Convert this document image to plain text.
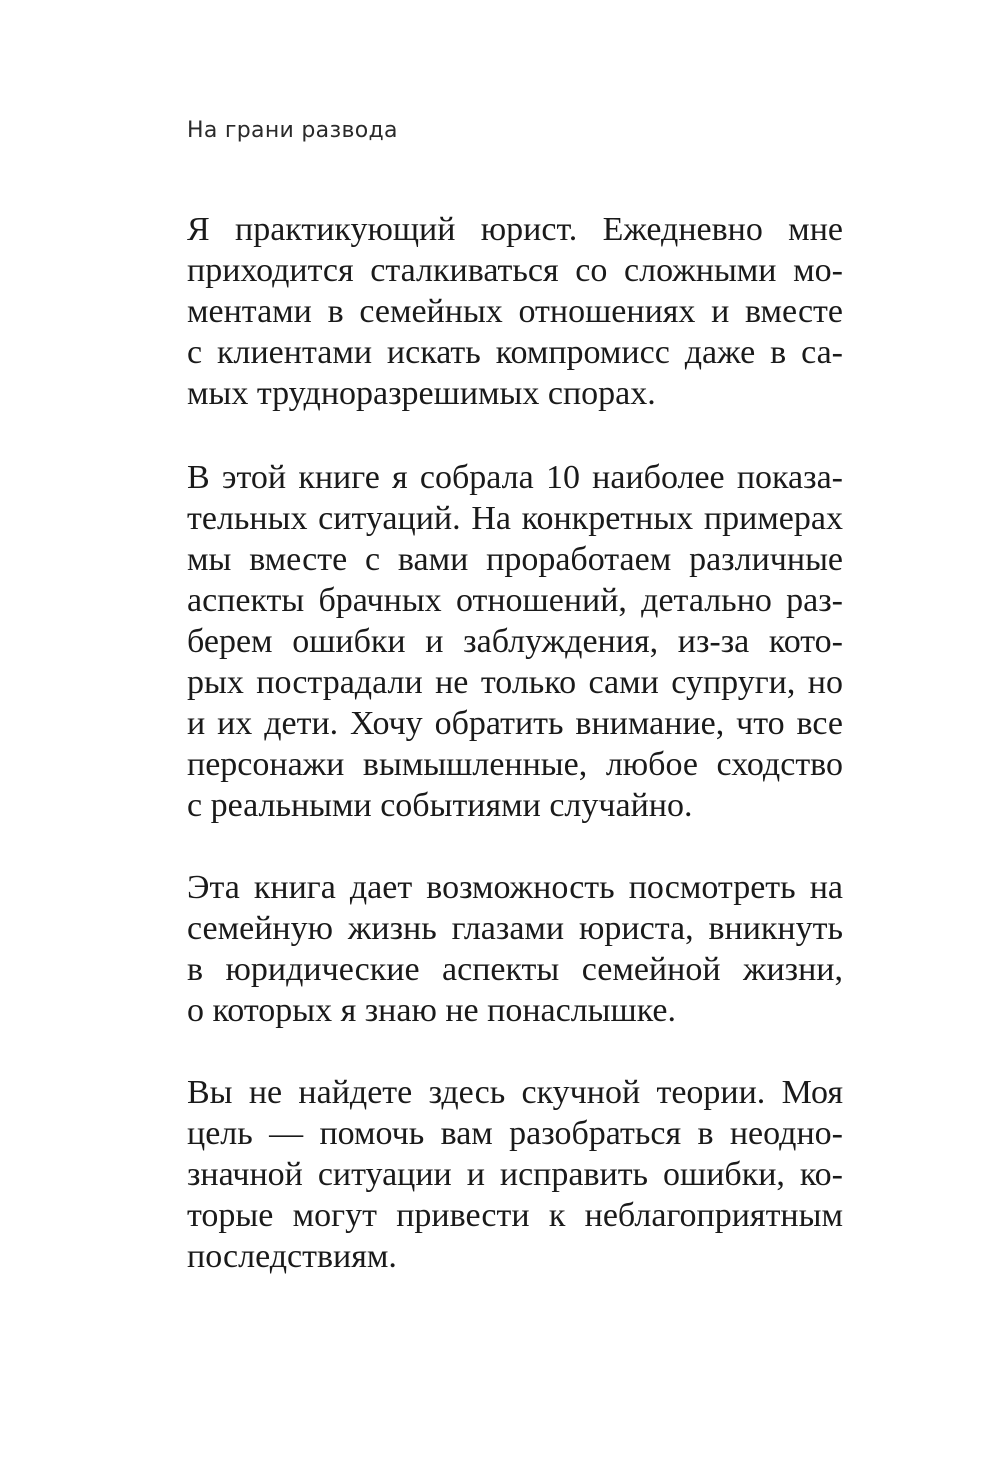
На грани развода
Я практикующий юрист. Ежедневно мне
приходится сталкиваться со сложными мо-
ментами в семейных отношениях и вместе
с клиентами искать компромисс даже в са-
мых труднoразрешимых спорах.
В этой книге я собрала 10 наиболее показа-
тельных ситуаций. На конкретных примерах
мы вместе с вами проработаем различные
аспекты брачных отношений, детально раз-
берем ошибки и заблуждения, из-за кото-
рых пострадали не только сами супруги, но
и их дети. Хочу обратить внимание, что все
персонажи вымышленные, любое сходство
с реальными событиями случайно.
Эта книга дает возможность посмотреть на
семейную жизнь глазами юриста, вникнуть
в юридические аспекты семейной жизни,
о которых я знаю не понаслышке.
Вы не найдете здесь скучной теории. Моя
цель — помочь вам разобраться в неодно-
значной ситуации и исправить ошибки, ко-
торые могут привести к неблагоприятным
последствиям.
